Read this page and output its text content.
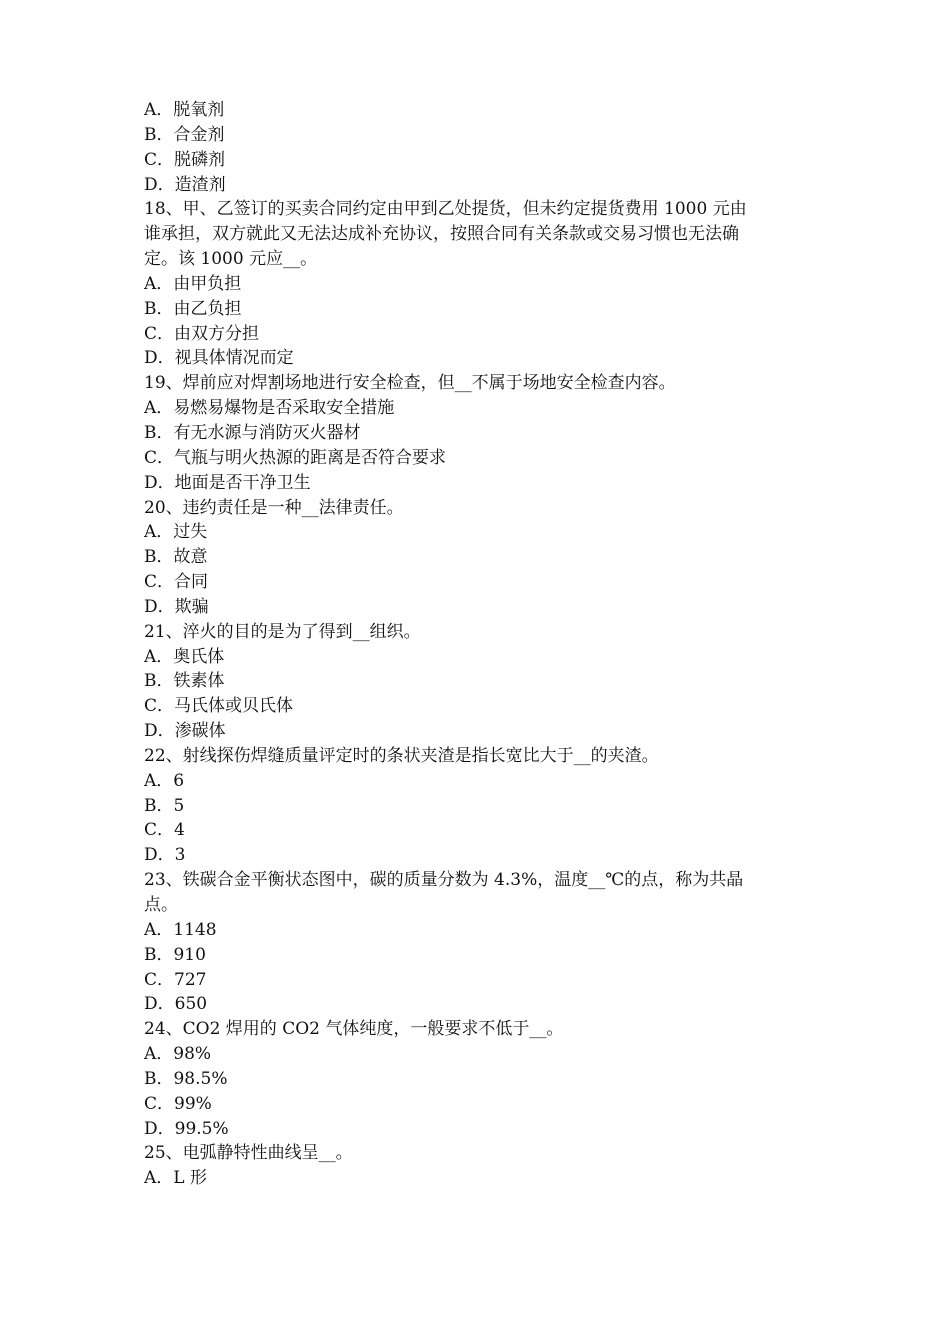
A．脱氧剂
B．合金剂
C．脱磷剂
D．造渣剂
18、甲、乙签订的买卖合同约定由甲到乙处提货，但未约定提货费用 1000 元由
谁承担，双方就此又无法达成补充协议，按照合同有关条款或交易习惯也无法确
定。该 1000 元应__。
A．由甲负担
B．由乙负担
C．由双方分担
D．视具体情况而定
19、焊前应对焊割场地进行安全检查，但__不属于场地安全检查内容。
A．易燃易爆物是否采取安全措施
B．有无水源与消防灭火器材
C．气瓶与明火热源的距离是否符合要求
D．地面是否干净卫生
20、违约责任是一种__法律责任。
A．过失
B．故意
C．合同
D．欺骗
21、淬火的目的是为了得到__组织。
A．奥氏体
B．铁素体
C．马氏体或贝氏体
D．渗碳体
22、射线探伤焊缝质量评定时的条状夹渣是指长宽比大于__的夹渣。
A．6
B．5
C．4
D．3
23、铁碳合金平衡状态图中，碳的质量分数为 4.3%，温度__℃的点，称为共晶
点。
A．1148
B．910
C．727
D．650
24、CO2 焊用的 CO2 气体纯度，一般要求不低于__。
A．98%
B．98.5%
C．99%
D．99.5%
25、电弧静特性曲线呈__。
A．L 形
